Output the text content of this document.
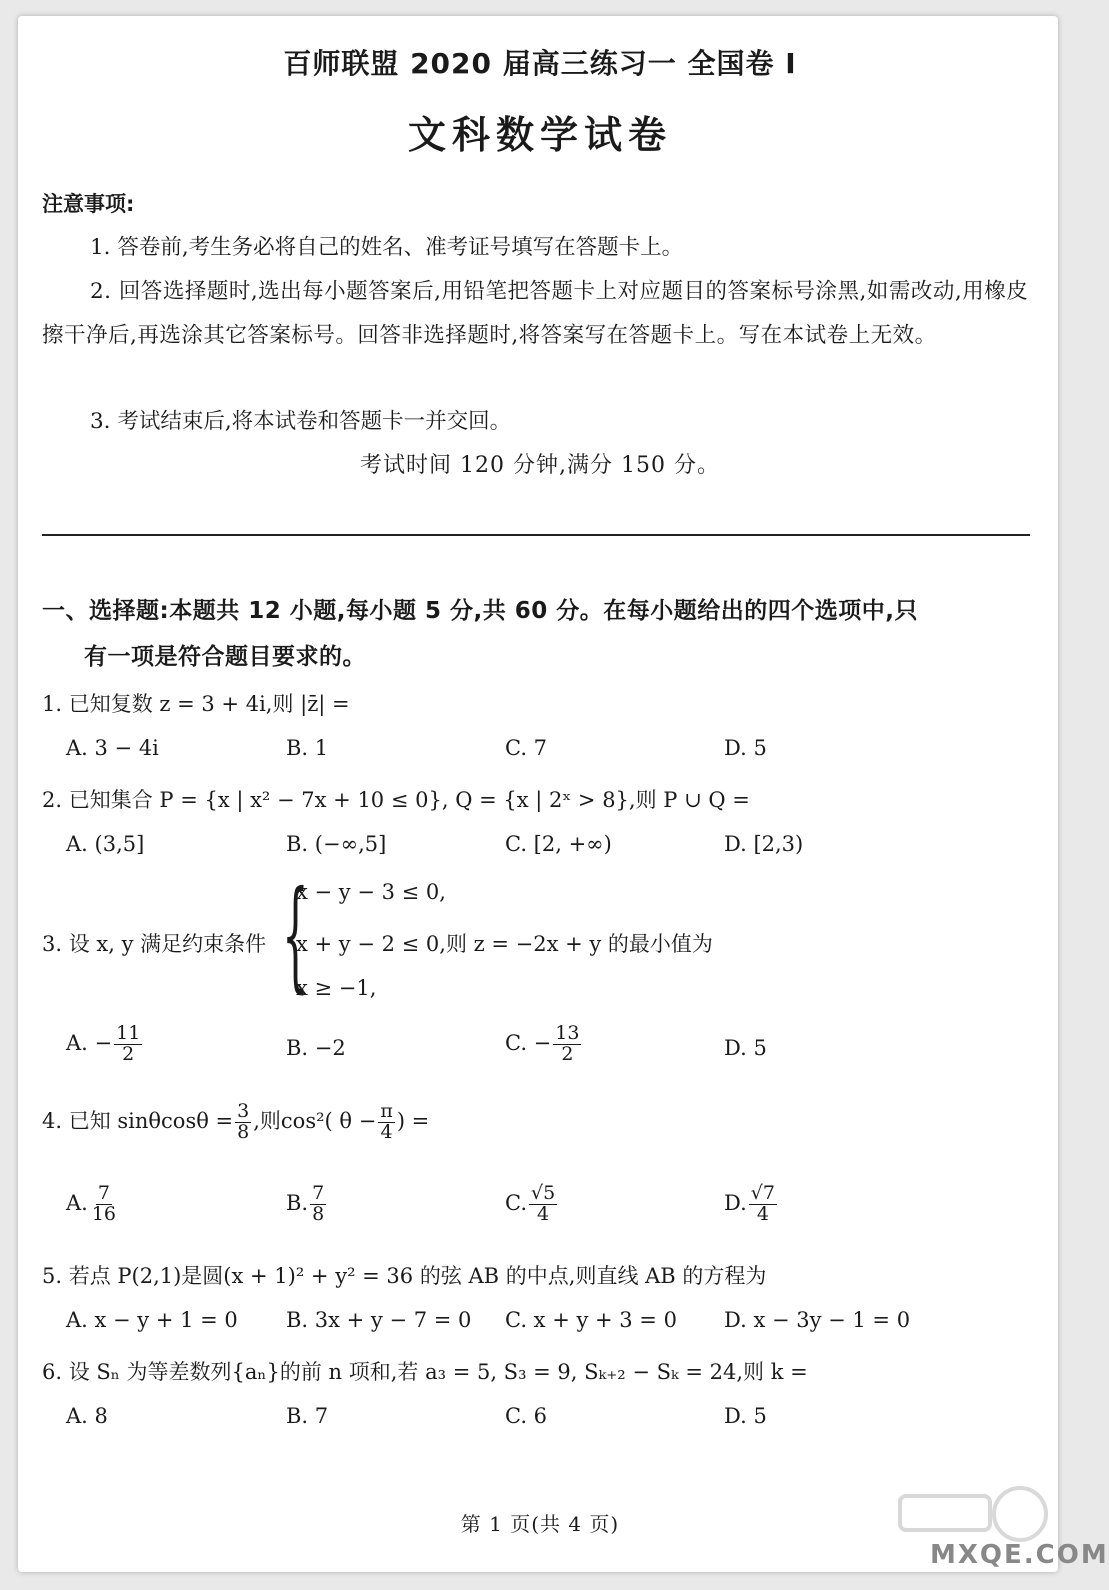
百师联盟 2020 届高三练习一 全国卷 I
文科数学试卷
注意事项:
1. 答卷前,考生务必将自己的姓名、准考证号填写在答题卡上。
2. 回答选择题时,选出每小题答案后,用铅笔把答题卡上对应题目的答案标号涂黑,如需改动,用橡皮擦干净后,再选涂其它答案标号。回答非选择题时,将答案写在答题卡上。写在本试卷上无效。
3. 考试结束后,将本试卷和答题卡一并交回。
考试时间 120 分钟,满分 150 分。
一、选择题:本题共 12 小题,每小题 5 分,共 60 分。在每小题给出的四个选项中,只
有一项是符合题目要求的。
1. 已知复数 z = 3 + 4i,则 |z̄| =
A. 3 − 4i	B. 1	C. 7	D. 5
2. 已知集合 P = {x | x² − 7x + 10 ≤ 0}, Q = {x | 2ˣ > 8},则 P ∪ Q =
A. (3,5]	B. (−∞,5]	C. [2, +∞)	D. [2,3)
3. 设 x, y 满足约束条件 {
x − y − 3 ≤ 0,
x + y − 2 ≤ 0,则 z = −2x + y 的最小值为
x ≥ −1,
A. − $\frac{11}{2}$	B. −2	C. − $\frac{13}{2}$	D. 5
4. 已知 $\sin\theta\cos\theta = \frac{3}{8}$ ,则cos²( $\theta - \frac{\pi}{4}$ ) =
A. $\frac{7}{16}$	B. $\frac{7}{8}$	C. $\frac{√5}{4}$	D. $\frac{√7}{4}$
5. 若点 P(2,1)是圆(x + 1)² + y² = 36 的弦 AB 的中点,则直线 AB 的方程为
A. x − y + 1 = 0 B. 3x + y − 7 = 0 C. x + y + 3 = 0 D. x − 3y − 1 = 0
6. 设 Sₙ 为等差数列{aₙ}的前 n 项和,若 a₃ = 5, S₃ = 9, Sₖ₊₂ − Sₖ = 24,则 k =
A. 8	B. 7	C. 6	D. 5
第 1 页(共 4 页)
MXQE.COM
